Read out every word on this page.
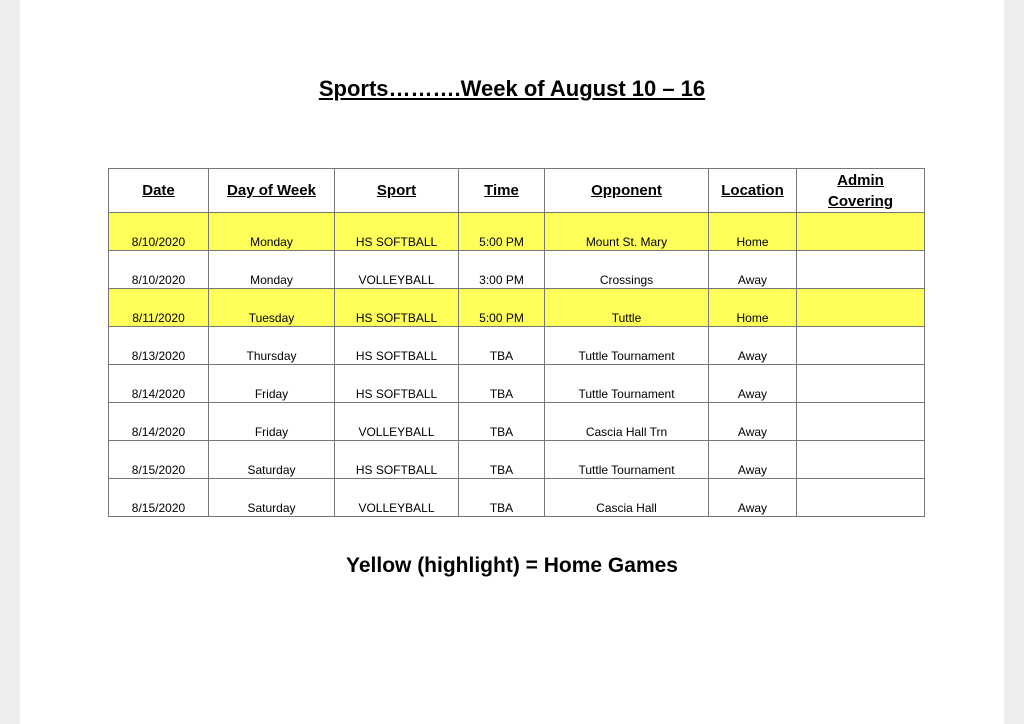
Sports……….Week of August 10 – 16
Date	Day of Week	Sport	Time	Opponent	Location	Admin
Covering
8/10/2020	Monday	HS SOFTBALL	5:00 PM	Mount St. Mary	Home	
8/10/2020	Monday	VOLLEYBALL	3:00 PM	Crossings	Away	
8/11/2020	Tuesday	HS SOFTBALL	5:00 PM	Tuttle	Home	
8/13/2020	Thursday	HS SOFTBALL	TBA	Tuttle Tournament	Away	
8/14/2020	Friday	HS SOFTBALL	TBA	Tuttle Tournament	Away	
8/14/2020	Friday	VOLLEYBALL	TBA	Cascia Hall Trn	Away	
8/15/2020	Saturday	HS SOFTBALL	TBA	Tuttle Tournament	Away	
8/15/2020	Saturday	VOLLEYBALL	TBA	Cascia Hall	Away	
Yellow (highlight) = Home Games
